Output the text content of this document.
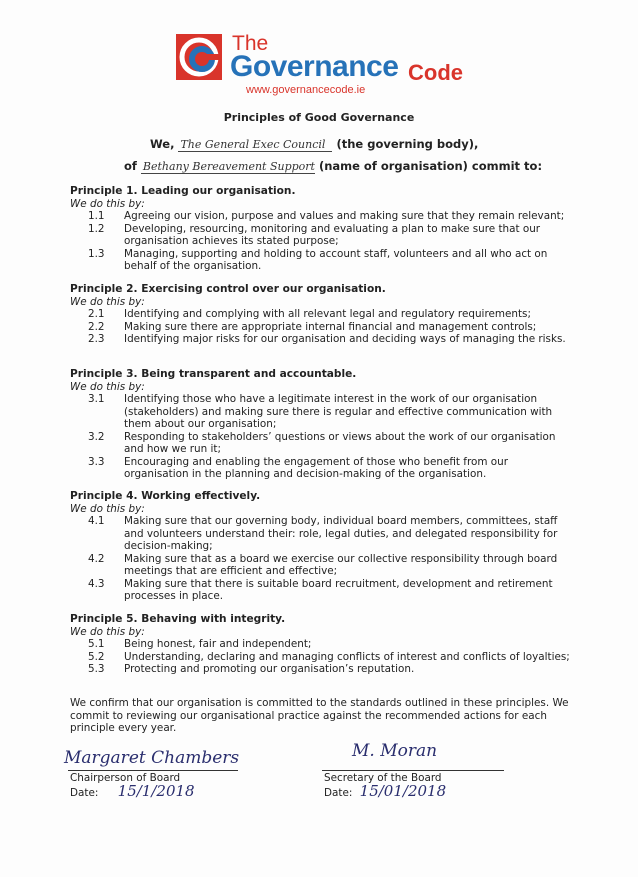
The
Governance Code
www.governancecode.ie
Principles of Good Governance
We, The General Exec Council (the governing body),
of Bethany Bereavement Support (name of organisation) commit to:
Principle 1. Leading our organisation.
We do this by:
1.1	Agreeing our vision, purpose and values and making sure that they remain relevant;
1.2	Developing, resourcing, monitoring and evaluating a plan to make sure that our organisation achieves its stated purpose;
1.3	Managing, supporting and holding to account staff, volunteers and all who act on behalf of the organisation.
Principle 2. Exercising control over our organisation.
We do this by:
2.1	Identifying and complying with all relevant legal and regulatory requirements;
2.2	Making sure there are appropriate internal financial and management controls;
2.3	Identifying major risks for our organisation and deciding ways of managing the risks.
Principle 3. Being transparent and accountable.
We do this by:
3.1	Identifying those who have a legitimate interest in the work of our organisation (stakeholders) and making sure there is regular and effective communication with them about our organisation;
3.2	Responding to stakeholders’ questions or views about the work of our organisation and how we run it;
3.3	Encouraging and enabling the engagement of those who benefit from our organisation in the planning and decision-making of the organisation.
Principle 4. Working effectively.
We do this by:
4.1	Making sure that our governing body, individual board members, committees, staff and volunteers understand their: role, legal duties, and delegated responsibility for decision-making;
4.2	Making sure that as a board we exercise our collective responsibility through board meetings that are efficient and effective;
4.3	Making sure that there is suitable board recruitment, development and retirement processes in place.
Principle 5. Behaving with integrity.
We do this by:
5.1	Being honest, fair and independent;
5.2	Understanding, declaring and managing conflicts of interest and conflicts of loyalties;
5.3	Protecting and promoting our organisation’s reputation.
We confirm that our organisation is committed to the standards outlined in these principles. We commit to reviewing our organisational practice against the recommended actions for each principle every year.
Margaret Chambers
Chairperson of Board
Date: 15/1/2018
M. Moran
Secretary of the Board
Date: 15/01/2018
